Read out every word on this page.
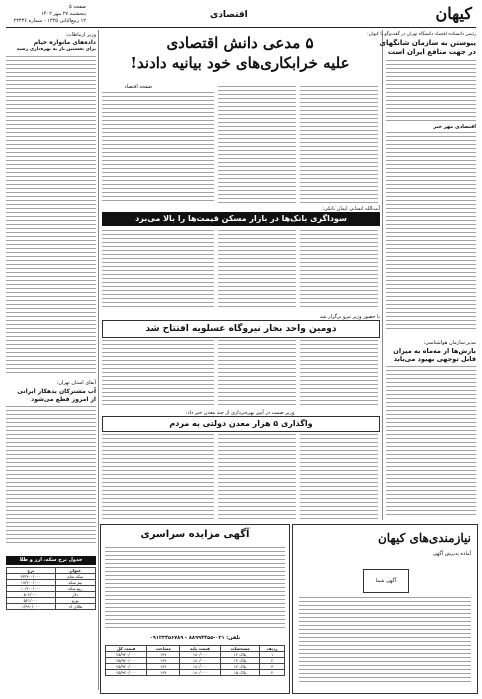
کیهان
اقتصادی
صفحه ۵
پنجشنبه ۲۷ مهر ۱۴۰۲
۱۲ ربیع‌الثانی ۱۴۴۵ - شماره ۲۳۴۳۶
رئیس دانشکده اقتصاد دانشگاه تهران در گفت‌وگو با کیهان:
پیوستن به سازمان شانگهای
در جهت منافع ایران است
اقتصادی مهر خبر
مدیر سازمان هواشناسی:
بارش‌ها از مه‌ماه به میزان
قابل توجهی بهبود می‌یابد
۵ مدعی دانش اقتصادی
علیه خرابکاری‌های خود بیانیه دادند!
صفحه اقتصاد
آیت‌الله انسانی ایمان بانکی:
سوداگری بانک‌ها در بازار مسکن قیمت‌ها را بالا می‌برد
با حضور وزیر نیرو برگزار شد
دومین واحد بخار نیروگاه عسلویه افتتاح شد
وزیر صمت در آیین بهره‌برداری از چند معدن خبر داد:
واگذاری ۵ هزار معدن دولتی به مردم
وزیر ارتباطات:
داده‌های مانواره خیام
برای نخستین بار به بهره‌داری رسید
آبفای استان تهران:
آب مشترکان بدهکار ایرانی
از امروز قطع می‌شود
نیازمندی‌های کیهان
آماده پذیرش آگهی
آگهی شما
آگهی مزایده سراسری
تلفن: ۰۲۱-۸۸۹۹۴۴۵۵ - ۰۹۱۲۳۴۵۶۷۸۹
ردیف	مشخصات	قیمت پایه	مساحت	قیمت کل
۱	پلاک ۱۲	۱۸۰/۰۰۰	۱۴۴	۲۵/۹۲۰/۰۰۰
۲	پلاک ۱۳	۱۸۰/۰۰۰	۱۴۴	۲۵/۹۲۰/۰۰۰
۳	پلاک ۱۴	۱۸۰/۰۰۰	۱۴۴	۲۵/۹۲۰/۰۰۰
۴	پلاک ۱۵	۱۸۰/۰۰۰	۱۴۴	۲۵/۹۲۰/۰۰۰
جدول نرخ سکه، ارز و طلا
عنوان	نرخ
سکه تمام	۳۳/۴۰۰/۰۰۰
نیم سکه	۱۷/۲۰۰/۰۰۰
ربع سکه	۱۰/۲۰۰/۰۰۰
دلار	۵۰۲/۰۰۰
یورو	۵۳۱/۰۰۰
طلای ۱۸	۱/۹۹۰/۰۰۰
